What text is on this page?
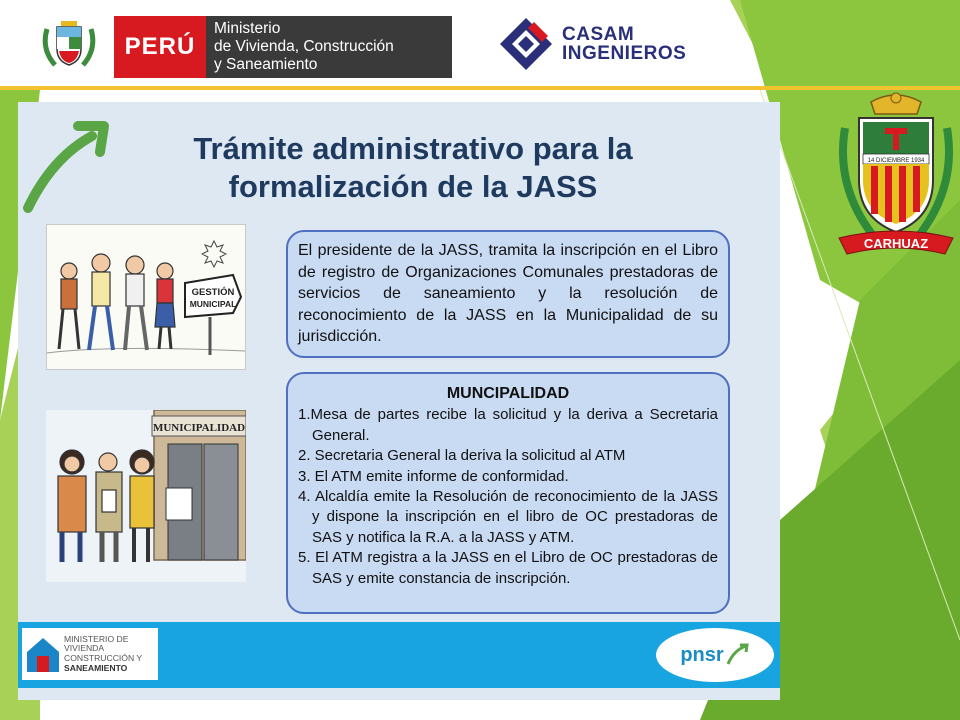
PERÚ
Ministerio
de Vivienda, Construcción
y Saneamiento
CASAM
INGENIEROS
Trámite administrativo para la
formalización de la JASS
GESTIÓN
MUNICIPAL
MUNICIPALIDAD

El presidente de la JASS, tramita la inscripción en el Libro de registro de Organizaciones Comunales prestadoras de servicios de saneamiento y la resolución de reconocimiento de la JASS en la Municipalidad de su jurisdicción.

MUNCIPALIDAD
1.Mesa de partes recibe la solicitud y la deriva a Secretaria General.
2. Secretaria General la deriva la solicitud al ATM
3. El ATM emite informe de conformidad.
4. Alcaldía emite la Resolución de reconocimiento de la JASS y dispone la inscripción en el libro de OC prestadoras de SAS y notifica la R.A. a la JASS y ATM.
5. El ATM registra a la JASS en el Libro de OC prestadoras de SAS y emite constancia de inscripción.
MINISTERIO DE
VIVIENDA
CONSTRUCCIÓN Y
SANEAMIENTO
pnsr
14 DICIEMBRE 1934
CARHUAZ
